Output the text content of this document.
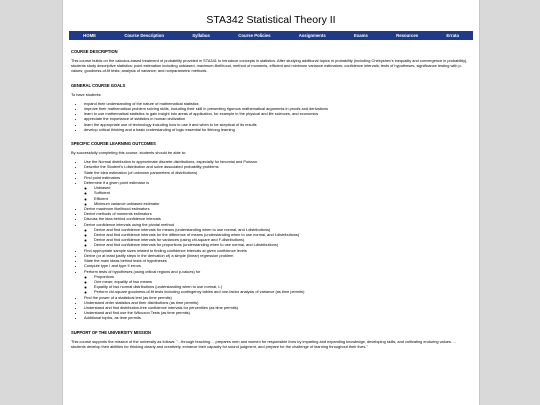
STA342 Statistical Theory II
HOME	Course Description	Syllabus	Course Policies	Assignments	Exams	Resources	Errata
COURSE DESCRIPTION

This course builds on the calculus-based treatment of probability provided in STA341 to introduce concepts in statistics. After studying additional topics in probability (including Chebyshev's inequality and convergence in probability), students study descriptive statistics; point estimation including unbiased, maximum likelihood, method of moments, efficient and minimum variance estimators; confidence intervals; tests of hypotheses, significance testing with p-values; goodness-of-fit tests; analysis of variance; and nonparametric methods.

GENERAL COURSE GOALS

To have students:

• expand their understanding of the nature of mathematical statistics
• improve their mathematical problem solving skills, including their skill in presenting rigorous mathematical arguments in proofs and derivations
• learn to use mathematical statistics to gain insight into areas of application, for example in the physical and life sciences, and economics
• appreciate the importance of statistics in human civilization
• learn the appropriate use of technology including how to use it and when to be skeptical of its results
• develop critical thinking and a basic understanding of logic essential for lifelong learning
SPECIFIC COURSE LEARNING OUTCOMES

By successfully completing this course, students should be able to:

• Use the Normal distribution to approximate discrete distributions, especially for binomial and Poisson.
• Describe the Student's t-distribution and solve associated probability problems
• State the idea estimation (of unknown parameters of distributions)
• Find point estimators
• Determine if a given point estimator is
◦ Unbiased
◦ Sufficient
◦ Efficient
◦ Minimum variance unbiased estimator
• Derive maximum likelihood estimators
• Derive methods of moments estimators
• Discuss the idea behind confidence intervals
• Derive confidence intervals using the pivotal method
◦ Derive and find confidence intervals for means (understanding when to use normal, and t-distributions)
◦ Derive and find confidence intervals for the difference of means (understanding when to use normal, and t-distributions)
◦ Derive and find confidence intervals for variances (using chi-square and F-distributions)
◦ Derive and find confidence intervals for proportions (understanding when to use normal, and t-distributions)
• Find appropriate sample sizes related to finding confidence intervals at given confidence levels
• Derive (or at least justify steps in the derivation of) a simple (linear) regression problem
• State the main ideas behind tests of hypotheses
• Compute type I and type II errors
• Perform tests of hypotheses (using critical regions and p-values) for
◦ Proportions
◦ One mean; equality of two means
◦ Equality of two normal distributions (understanding when to use normal, t-)
◦ Perform chi-square goodness-of-fit tests including contingency tables and one-factor analysis of variance (as time permits)
• Find the power of a statistical test (as time permits)
• Understand order statistics and their distributions (as time permits)
• Understand and find distribution-free confidence intervals for percentiles (as time permits)
• Understand and find use the Wilcoxon Tests (as time permits)
• Additional topics, as time permits.
SUPPORT OF THE UNIVERSITY MISSION

This course supports the mission of the university as follows: "...through teaching ... prepares men and women for responsible lives by imparting and expanding knowledge, developing skills, and cultivating enduring values. ... students develop their abilities for thinking clearly and creatively, enhance their capacity for sound judgment, and prepare for the challenge of learning throughout their lives."
